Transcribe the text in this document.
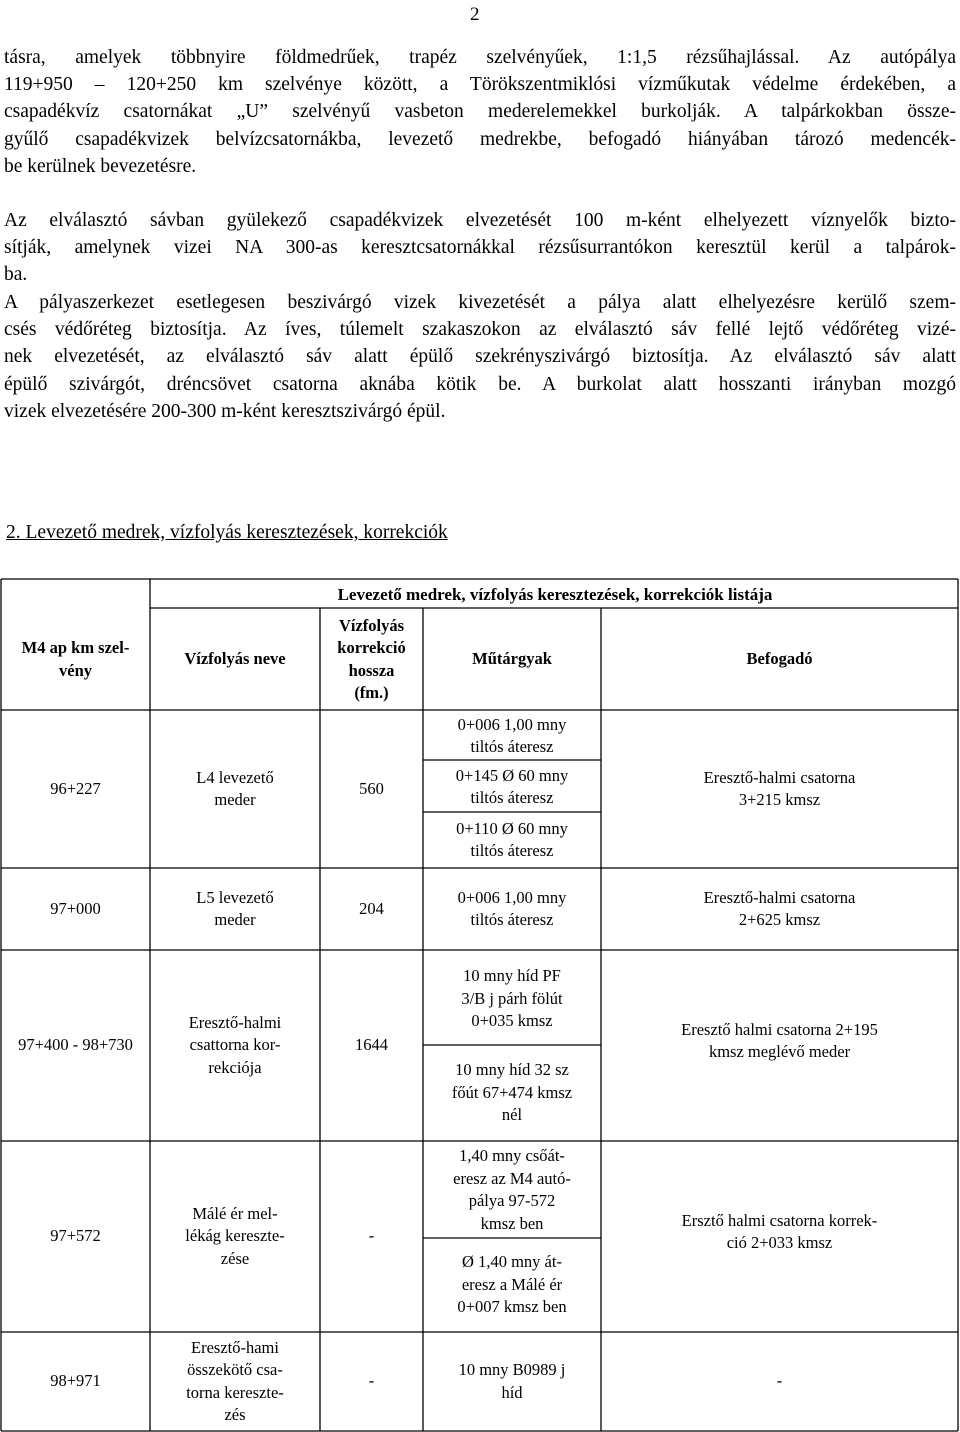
2
tásra, amelyek többnyire földmedrűek, trapéz szelvényűek, 1:1,5 rézsűhajlással. Az autópálya
119+950 – 120+250 km szelvénye között, a Törökszentmiklósi vízműkutak védelme érdekében, a
csapadékvíz csatornákat „U” szelvényű vasbeton mederelemekkel burkolják. A talpárkokban össze-
gyűlő csapadékvizek belvízcsatornákba, levezető medrekbe, befogadó hiányában tározó medencék-
be kerülnek bevezetésre.
Az elválasztó sávban gyülekező csapadékvizek elvezetését 100 m-ként elhelyezett víznyelők bizto-
sítják, amelynek vizei NA 300-as keresztcsatornákkal rézsűsurrantókon keresztül kerül a talpárok-
ba.
A pályaszerkezet esetlegesen beszivárgó vizek kivezetését a pálya alatt elhelyezésre kerülő szem-
csés védőréteg biztosítja. Az íves, túlemelt szakaszokon az elválasztó sáv fellé lejtő védőréteg vizé-
nek elvezetését, az elválasztó sáv alatt épülő szekrényszivárgó biztosítja. Az elválasztó sáv alatt
épülő szivárgót, dréncsövet csatorna aknába kötik be. A burkolat alatt hosszanti irányban mozgó
vizek elvezetésére 200-300 m-ként keresztszivárgó épül.
2. Levezető medrek, vízfolyás keresztezések, korrekciók
Levezető medrek, vízfolyás keresztezések, korrekciók listája
M4 ap km szel-
vény
Vízfolyás neve
Vízfolyás
korrekció
hossza
(fm.)
Műtárgyak	Befogadó
96+227
L4 levezető
meder
560
0+006 1,00 mny
tiltós áteresz
0+145 Ø 60 mny
tiltós áteresz
0+110 Ø 60 mny
tiltós áteresz
Eresztő-halmi csatorna
3+215 kmsz
97+000
L5 levezető
meder
204
0+006 1,00 mny
tiltós áteresz
Eresztő-halmi csatorna
2+625 kmsz
97+400 - 98+730
Eresztő-halmi
csattorna kor-
rekciója
1644
10 mny híd PF
3/B j párh fölút
0+035 kmsz
10 mny híd 32 sz
főút 67+474 kmsz
nél
Eresztő halmi csatorna 2+195
kmsz meglévő meder
97+572
Málé ér mel-
lékág kereszte-
zése
-
1,40 mny csőát-
eresz az M4 autó-
pálya 97-572
kmsz ben
Ø 1,40 mny át-
eresz a Málé ér
0+007 kmsz ben
Ersztő halmi csatorna korrek-
ció 2+033 kmsz
98+971
Eresztő-hami
összekötő csa-
torna kereszte-
zés
-
10 mny B0989 j
híd
-
